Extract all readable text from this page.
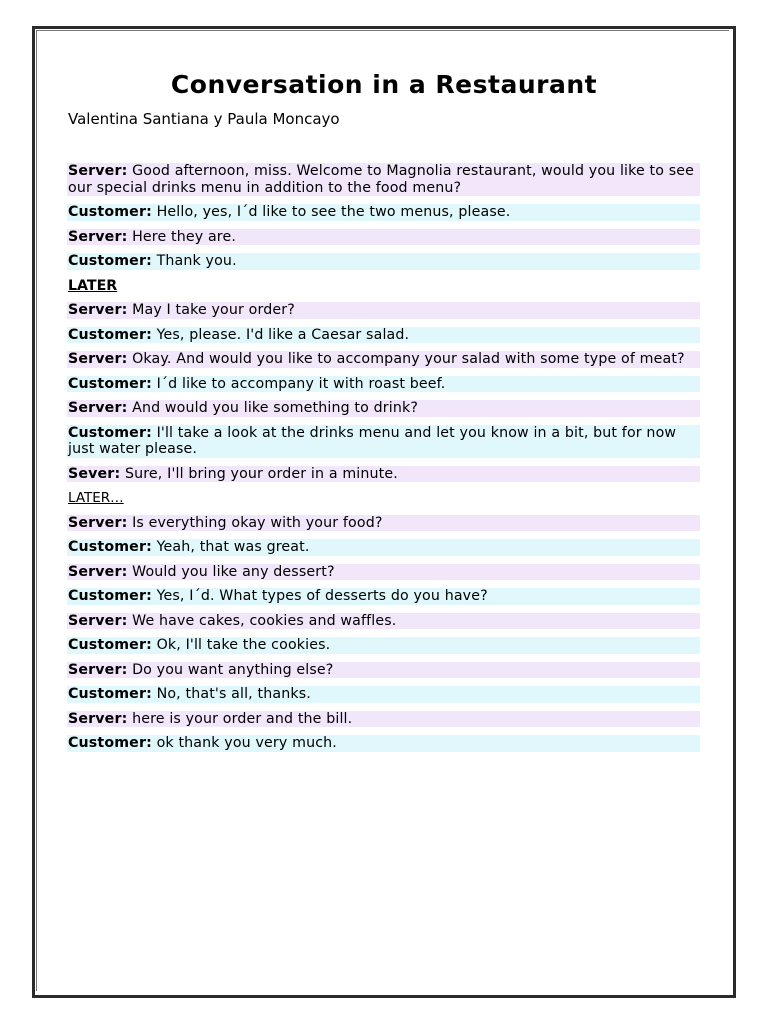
Conversation in a Restaurant
Valentina Santiana y Paula Moncayo
Server: Good afternoon, miss. Welcome to Magnolia restaurant, would you like to see our special drinks menu in addition to the food menu?
Customer: Hello, yes, I´d like to see the two menus, please.
Server: Here they are.
Customer: Thank you.
LATER
Server: May I take your order?
Customer: Yes, please. I'd like a Caesar salad.
Server: Okay. And would you like to accompany your salad with some type of meat?
Customer: I´d like to accompany it with roast beef.
Server: And would you like something to drink?
Customer: I'll take a look at the drinks menu and let you know in a bit, but for now just water please.
Sever: Sure, I'll bring your order in a minute.
LATER…
Server: Is everything okay with your food?
Customer: Yeah, that was great.
Server: Would you like any dessert?
Customer: Yes, I´d. What types of desserts do you have?
Server: We have cakes, cookies and waffles.
Customer: Ok, I'll take the cookies.
Server: Do you want anything else?
Customer: No, that's all, thanks.
Server: here is your order and the bill.
Customer: ok thank you very much.
